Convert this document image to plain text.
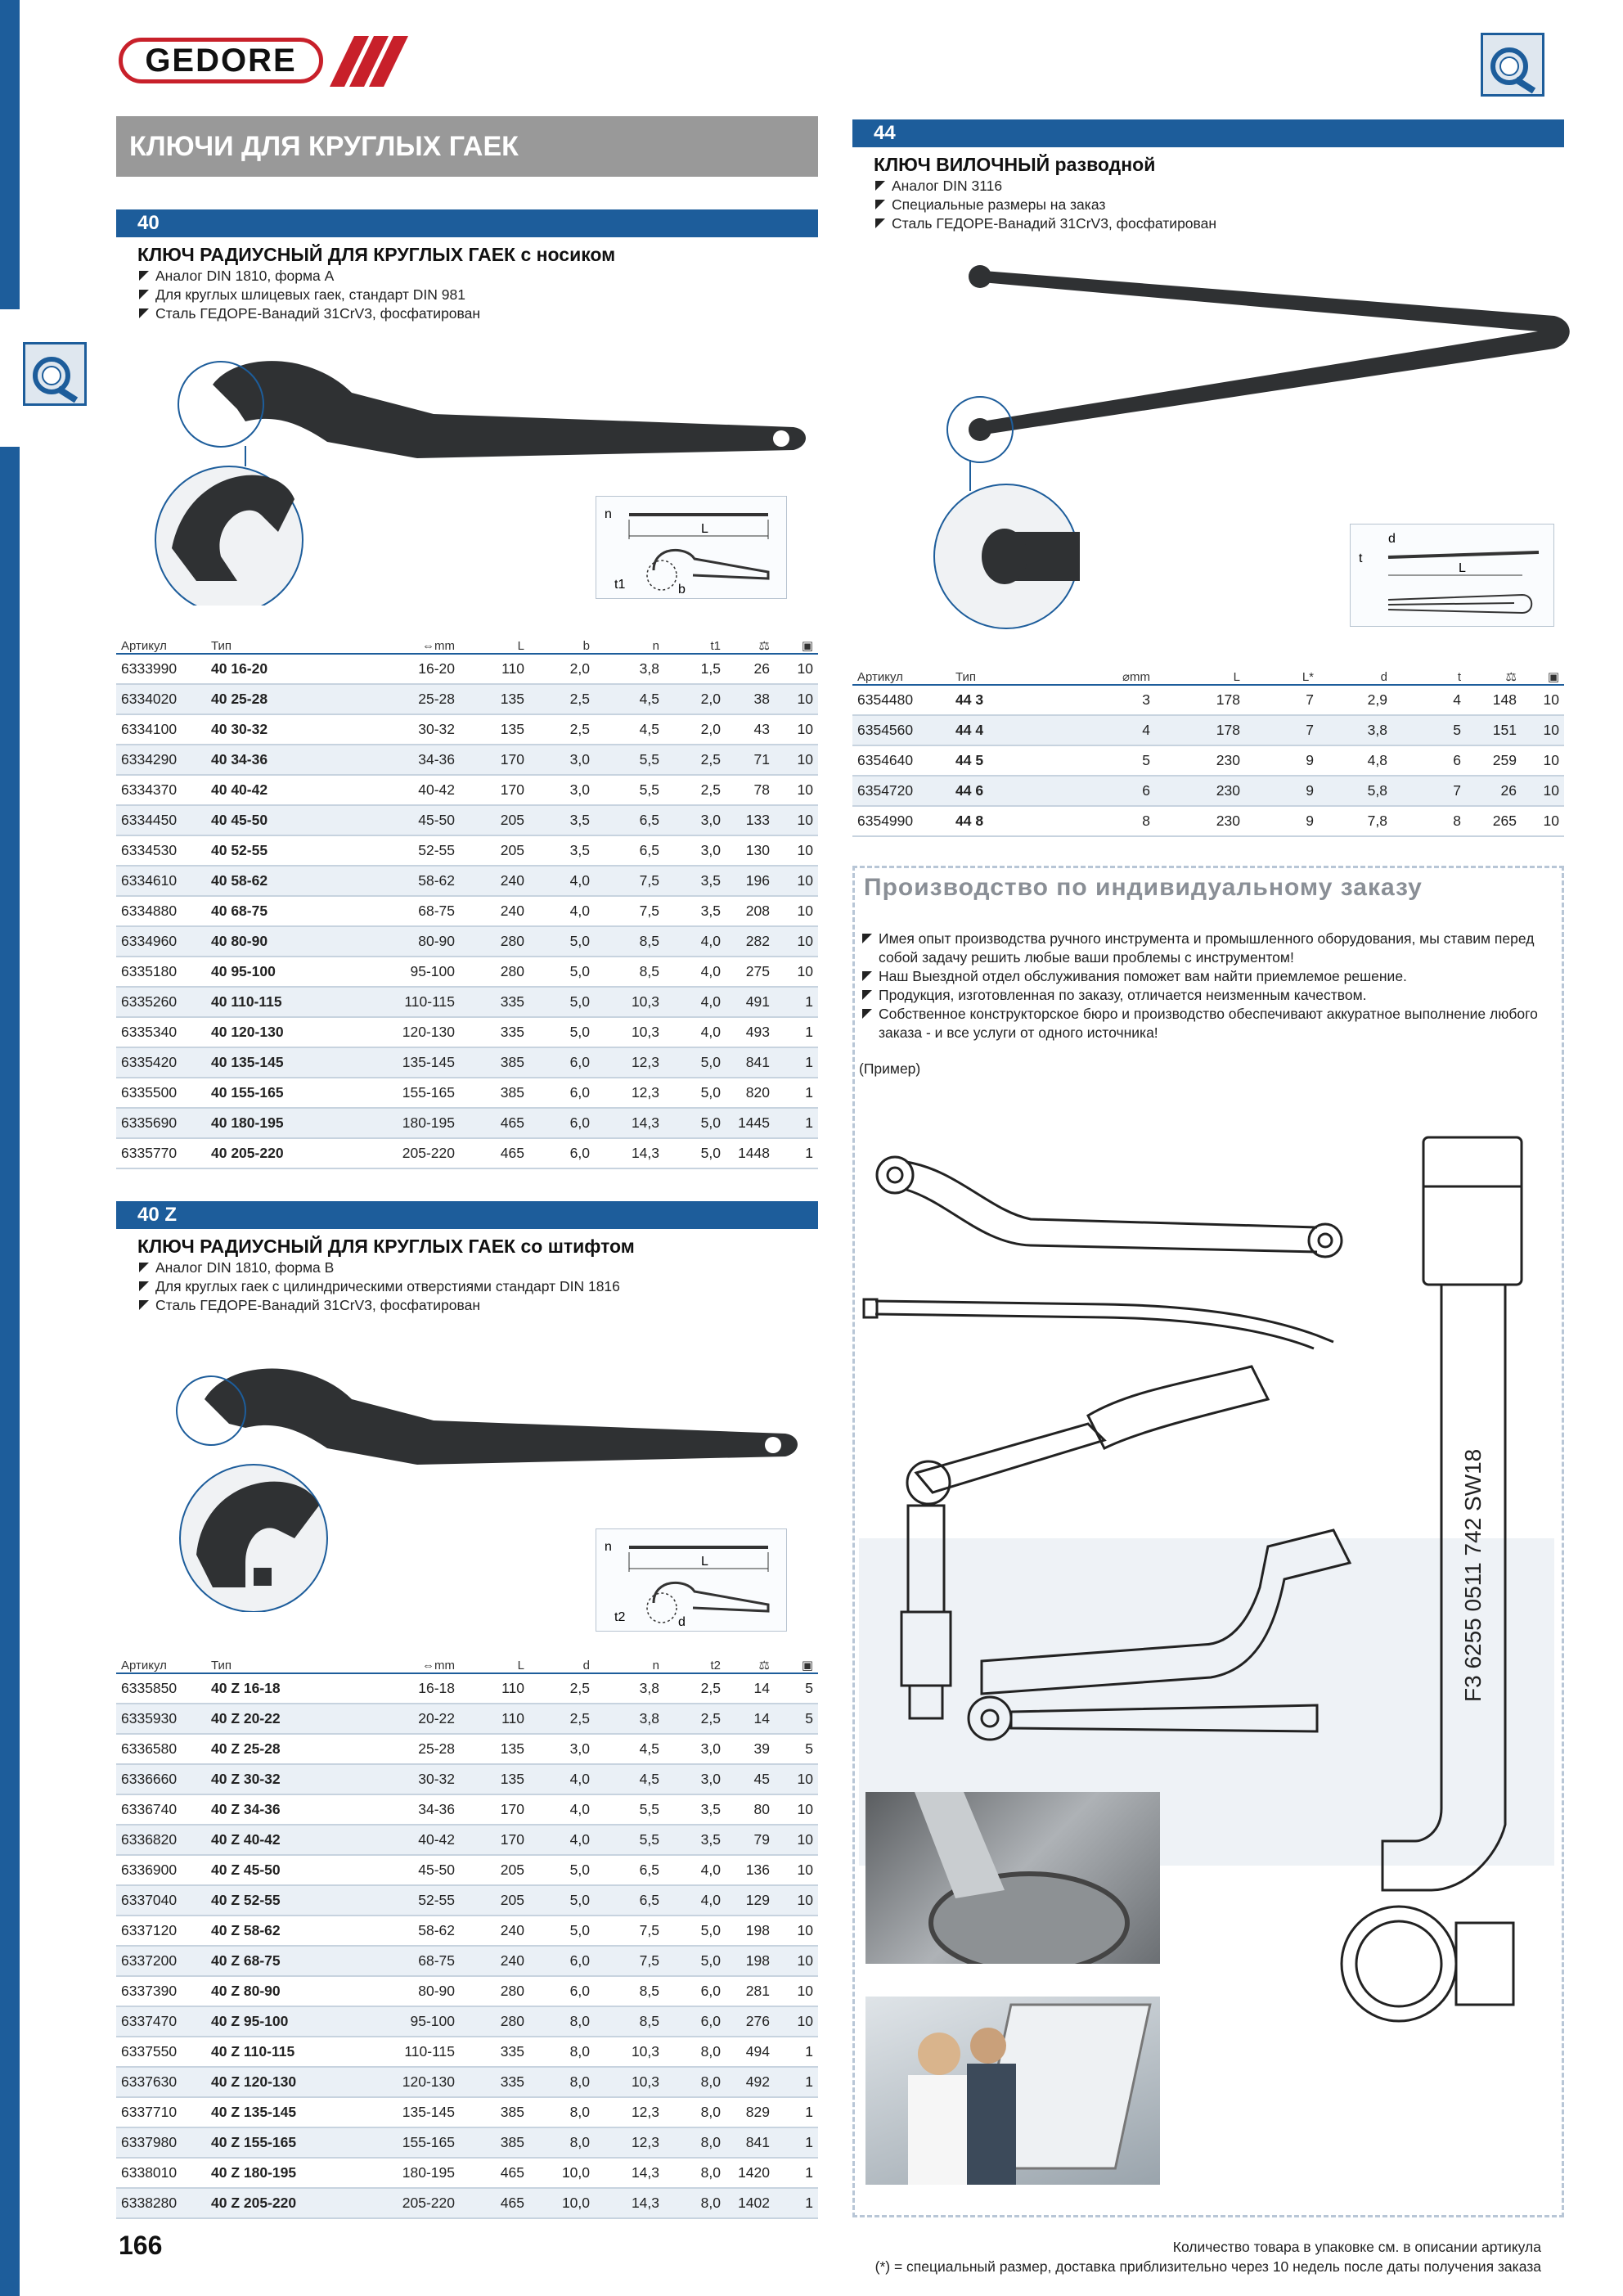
GEDORE
КЛЮЧИ ДЛЯ КРУГЛЫХ ГАЕК
40
КЛЮЧ РАДИУСНЫЙ ДЛЯ КРУГЛЫХ ГАЕК с носиком
Аналог DIN 1810, форма A
Для круглых шлицевых гаек, стандарт DIN 981
Сталь ГЕДОРЕ-Ванадий 31CrV3, фосфатирован
n
L
t1	b
Артикул	Тип	⇔mm	L	b	n	t1	⚖	▣
6333990	40 16-20	16-20	110	2,0	3,8	1,5	26	10
6334020	40 25-28	25-28	135	2,5	4,5	2,0	38	10
6334100	40 30-32	30-32	135	2,5	4,5	2,0	43	10
6334290	40 34-36	34-36	170	3,0	5,5	2,5	71	10
6334370	40 40-42	40-42	170	3,0	5,5	2,5	78	10
6334450	40 45-50	45-50	205	3,5	6,5	3,0	133	10
6334530	40 52-55	52-55	205	3,5	6,5	3,0	130	10
6334610	40 58-62	58-62	240	4,0	7,5	3,5	196	10
6334880	40 68-75	68-75	240	4,0	7,5	3,5	208	10
6334960	40 80-90	80-90	280	5,0	8,5	4,0	282	10
6335180	40 95-100	95-100	280	5,0	8,5	4,0	275	10
6335260	40 110-115	110-115	335	5,0	10,3	4,0	491	1
6335340	40 120-130	120-130	335	5,0	10,3	4,0	493	1
6335420	40 135-145	135-145	385	6,0	12,3	5,0	841	1
6335500	40 155-165	155-165	385	6,0	12,3	5,0	820	1
6335690	40 180-195	180-195	465	6,0	14,3	5,0	1445	1
6335770	40 205-220	205-220	465	6,0	14,3	5,0	1448	1
40 Z
КЛЮЧ РАДИУСНЫЙ ДЛЯ КРУГЛЫХ ГАЕК со штифтом
Аналог DIN 1810, форма B
Для круглых гаек с цилиндрическими отверстиями стандарт DIN 1816
Сталь ГЕДОРЕ-Ванадий 31CrV3, фосфатирован
n
L
t2	d
Артикул	Тип	⇔mm	L	d	n	t2	⚖	▣
6335850	40 Z 16-18	16-18	110	2,5	3,8	2,5	14	5
6335930	40 Z 20-22	20-22	110	2,5	3,8	2,5	14	5
6336580	40 Z 25-28	25-28	135	3,0	4,5	3,0	39	5
6336660	40 Z 30-32	30-32	135	4,0	4,5	3,0	45	10
6336740	40 Z 34-36	34-36	170	4,0	5,5	3,5	80	10
6336820	40 Z 40-42	40-42	170	4,0	5,5	3,5	79	10
6336900	40 Z 45-50	45-50	205	5,0	6,5	4,0	136	10
6337040	40 Z 52-55	52-55	205	5,0	6,5	4,0	129	10
6337120	40 Z 58-62	58-62	240	5,0	7,5	5,0	198	10
6337200	40 Z 68-75	68-75	240	6,0	7,5	5,0	198	10
6337390	40 Z 80-90	80-90	280	6,0	8,5	6,0	281	10
6337470	40 Z 95-100	95-100	280	8,0	8,5	6,0	276	10
6337550	40 Z 110-115	110-115	335	8,0	10,3	8,0	494	1
6337630	40 Z 120-130	120-130	335	8,0	10,3	8,0	492	1
6337710	40 Z 135-145	135-145	385	8,0	12,3	8,0	829	1
6337980	40 Z 155-165	155-165	385	8,0	12,3	8,0	841	1
6338010	40 Z 180-195	180-195	465	10,0	14,3	8,0	1420	1
6338280	40 Z 205-220	205-220	465	10,0	14,3	8,0	1402	1
44
КЛЮЧ ВИЛОЧНЫЙ разводной
Аналог DIN 3116
Специальные размеры на заказ
Сталь ГЕДОРЕ-Ванадий 31CrV3, фосфатирован
d
t
L
Артикул	Тип	⌀mm	L	L*	d	t	⚖	▣
6354480	44 3	3	178	7	2,9	4	148	10
6354560	44 4	4	178	7	3,8	5	151	10
6354640	44 5	5	230	9	4,8	6	259	10
6354720	44 6	6	230	9	5,8	7	26	10
6354990	44 8	8	230	9	7,8	8	265	10
Производство по индивидуальному заказу
Имея опыт производства ручного инструмента и промышленного оборудования, мы ставим перед собой задачу решить любые ваши проблемы с инструментом!
Наш Выездной отдел обслуживания поможет вам найти приемлемое решение.
Продукция, изготовленная по заказу, отличается неизменным качеством.
Собственное конструкторское бюро и производство обеспечивают аккуратное выполнение любого заказа - и все услуги от одного источника!
(Пример)
F3 6255 0511 742 SW18
166	Количество товара в упаковке см. в описании артикула
(*) = специальный размер, доставка приблизительно через 10 недель после даты получения заказа
